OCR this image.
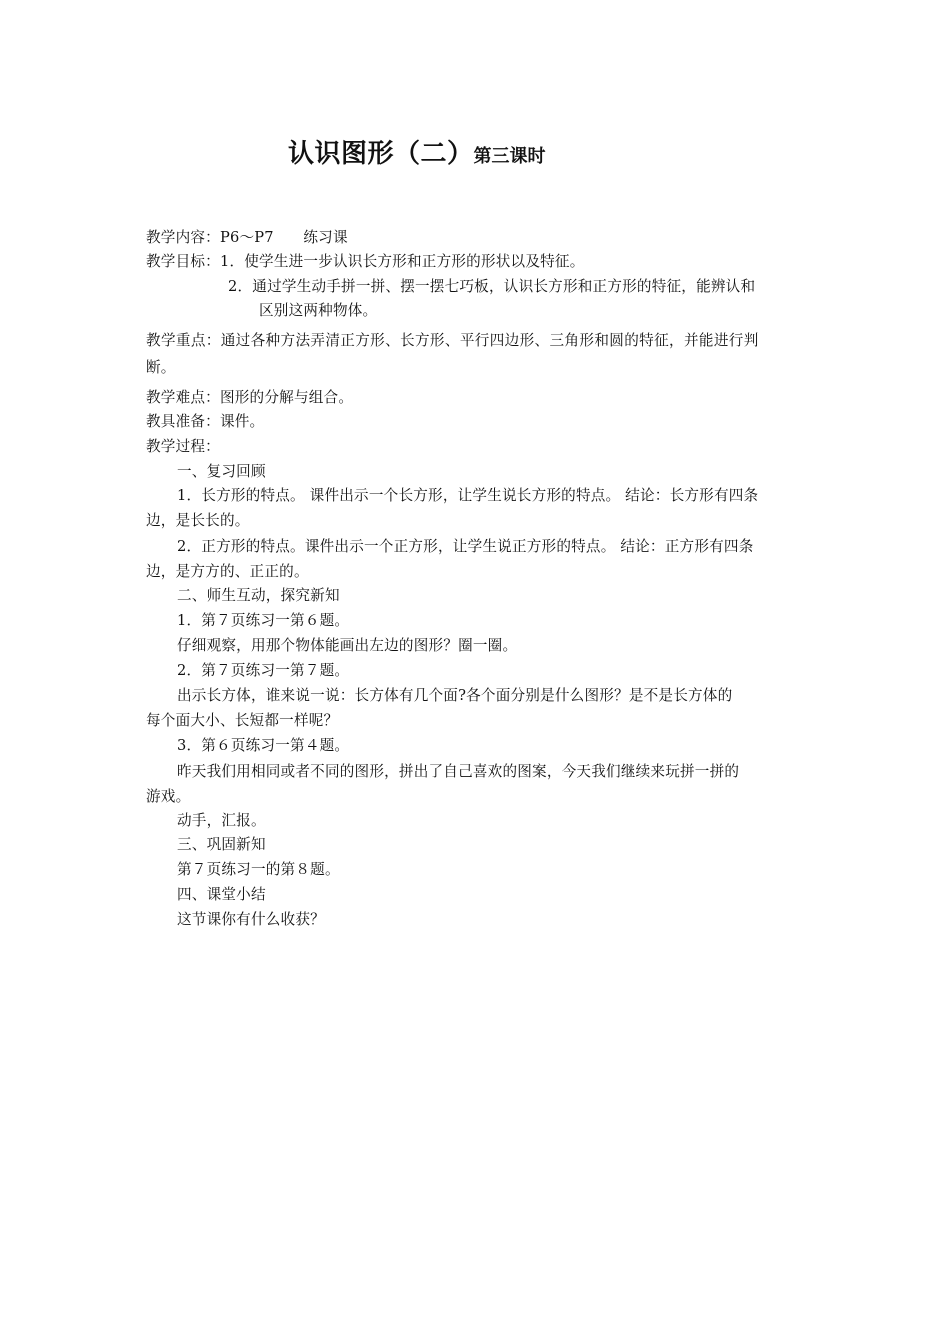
认识图形（二）第三课时
教学内容：P6～P7　　练习课
教学目标：1．使学生进一步认识长方形和正方形的形状以及特征。
2．通过学生动手拼一拼、摆一摆七巧板，认识长方形和正方形的特征，能辨认和
区别这两种物体。
教学重点：通过各种方法弄清正方形、长方形、平行四边形、三角形和圆的特征，并能进行判
断。
教学难点：图形的分解与组合。
教具准备：课件。
教学过程：
一、复习回顾
1．长方形的特点。 课件出示一个长方形，让学生说长方形的特点。 结论：长方形有四条
边，是长长的。
2．正方形的特点。课件出示一个正方形，让学生说正方形的特点。 结论：正方形有四条
边，是方方的、正正的。
二、师生互动，探究新知
1．第７页练习一第６题。
仔细观察，用那个物体能画出左边的图形？圈一圈。
2．第７页练习一第７题。
出示长方体，谁来说一说：长方体有几个面?各个面分别是什么图形？是不是长方体的
每个面大小、长短都一样呢？
3．第６页练习一第４题。
昨天我们用相同或者不同的图形，拼出了自己喜欢的图案，今天我们继续来玩拼一拼的
游戏。
动手，汇报。
三、巩固新知
第７页练习一的第８题。
四、课堂小结
这节课你有什么收获？
